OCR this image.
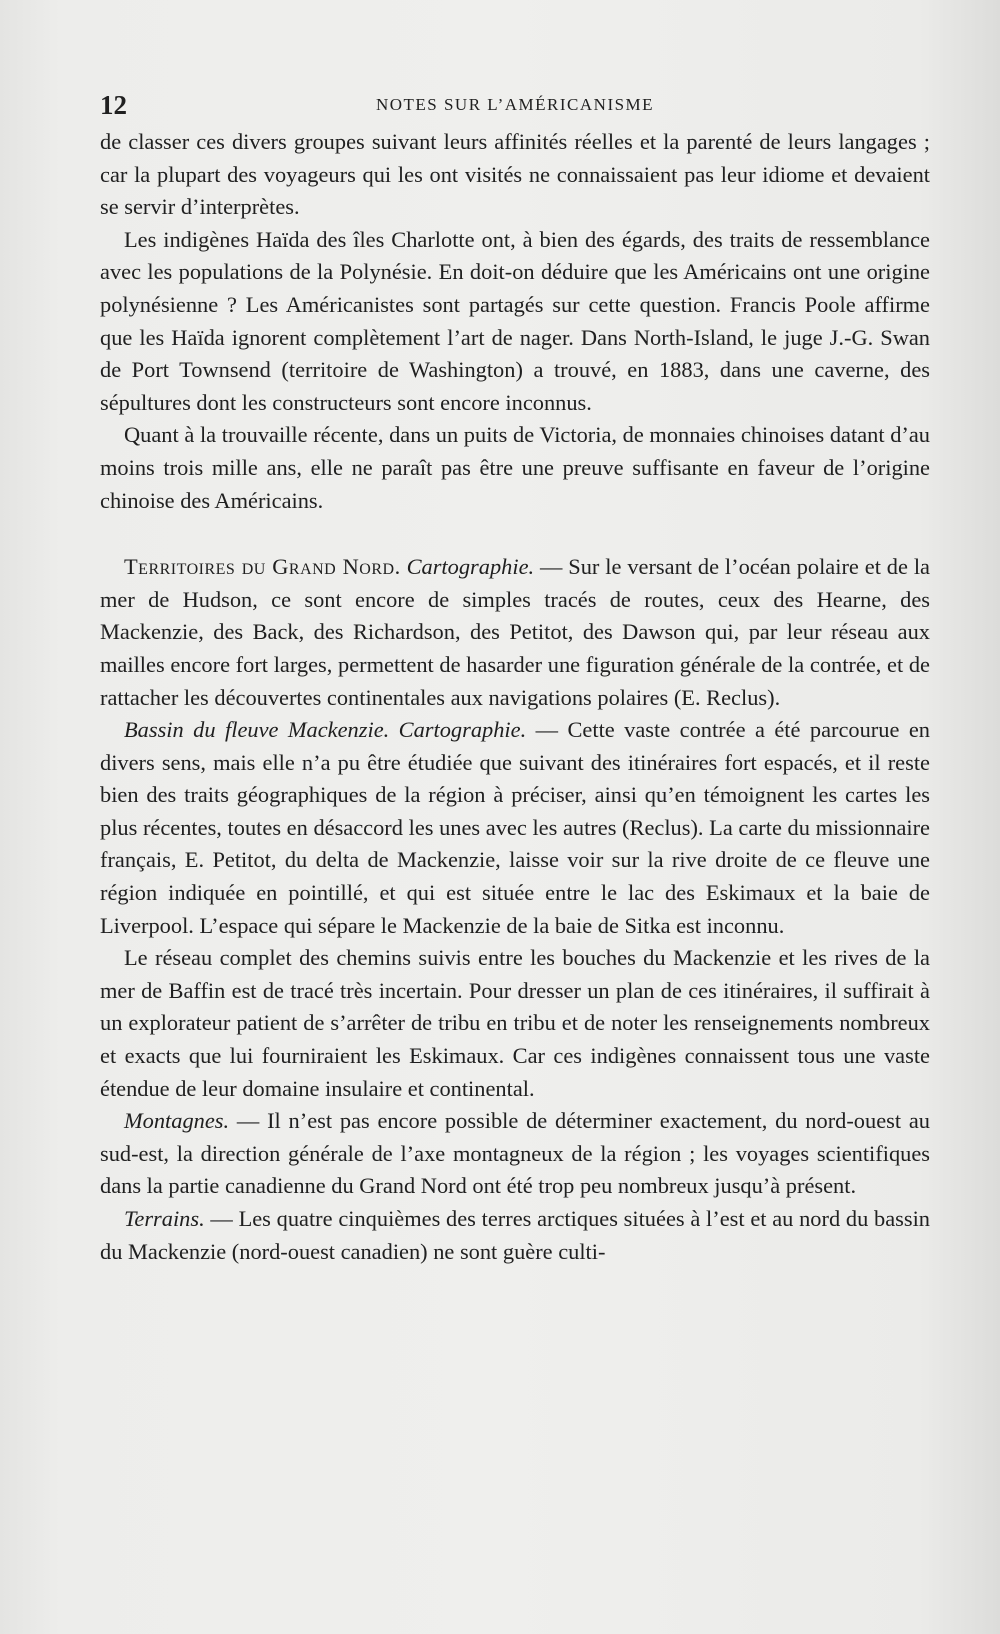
12	NOTES SUR L’AMÉRICANISME

de classer ces divers groupes suivant leurs affinités réelles et la parenté de leurs langages ; car la plupart des voyageurs qui les ont visités ne connaissaient pas leur idiome et devaient se servir d’interprètes.

Les indigènes Haïda des îles Charlotte ont, à bien des égards, des traits de ressemblance avec les populations de la Polynésie. En doit-on déduire que les Américains ont une origine polynésienne ? Les Américanistes sont partagés sur cette question. Francis Poole affirme que les Haïda ignorent complètement l’art de nager. Dans North-Island, le juge J.-G. Swan de Port Townsend (territoire de Washington) a trouvé, en 1883, dans une caverne, des sépultures dont les constructeurs sont encore inconnus.

Quant à la trouvaille récente, dans un puits de Victoria, de monnaies chinoises datant d’au moins trois mille ans, elle ne paraît pas être une preuve suffisante en faveur de l’origine chinoise des Américains.

Territoires du Grand Nord. Cartographie. — Sur le versant de l’océan polaire et de la mer de Hudson, ce sont encore de simples tracés de routes, ceux des Hearne, des Mackenzie, des Back, des Richardson, des Petitot, des Dawson qui, par leur réseau aux mailles encore fort larges, permettent de hasarder une figuration générale de la contrée, et de rattacher les découvertes continentales aux navigations polaires (E. Reclus).

Bassin du fleuve Mackenzie. Cartographie. — Cette vaste contrée a été parcourue en divers sens, mais elle n’a pu être étudiée que suivant des itinéraires fort espacés, et il reste bien des traits géographiques de la région à préciser, ainsi qu’en témoignent les cartes les plus récentes, toutes en désaccord les unes avec les autres (Reclus). La carte du missionnaire français, E. Petitot, du delta de Mackenzie, laisse voir sur la rive droite de ce fleuve une région indiquée en pointillé, et qui est située entre le lac des Eskimaux et la baie de Liverpool. L’espace qui sépare le Mackenzie de la baie de Sitka est inconnu.

Le réseau complet des chemins suivis entre les bouches du Mackenzie et les rives de la mer de Baffin est de tracé très incertain. Pour dresser un plan de ces itinéraires, il suffirait à un explorateur patient de s’arrêter de tribu en tribu et de noter les renseignements nombreux et exacts que lui fourniraient les Eskimaux. Car ces indigènes connaissent tous une vaste étendue de leur domaine insulaire et continental.

Montagnes. — Il n’est pas encore possible de déterminer exactement, du nord-ouest au sud-est, la direction générale de l’axe montagneux de la région ; les voyages scientifiques dans la partie canadienne du Grand Nord ont été trop peu nombreux jusqu’à présent.

Terrains. — Les quatre cinquièmes des terres arctiques situées à l’est et au nord du bassin du Mackenzie (nord-ouest canadien) ne sont guère culti-
